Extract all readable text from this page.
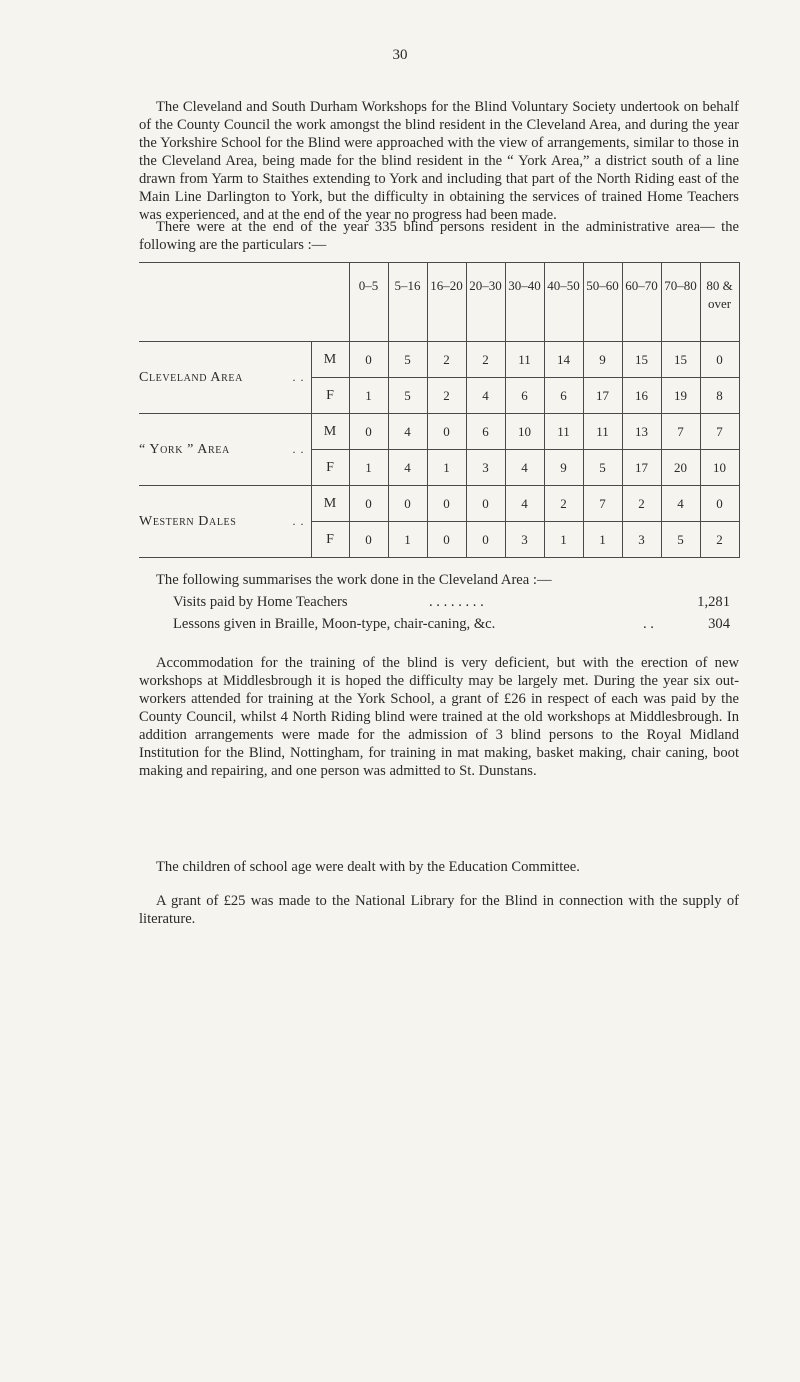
30

The Cleveland and South Durham Workshops for the Blind Voluntary Society undertook on behalf of the County Council the work amongst the blind resident in the Cleveland Area, and during the year the Yorkshire School for the Blind were approached with the view of arrangements, similar to those in the Cleveland Area, being made for the blind resident in the “ York Area,” a district south of a line drawn from Yarm to Staithes extending to York and including that part of the North Riding east of the Main Line Darlington to York, but the difficulty in obtaining the services of trained Home Teachers was experienced, and at the end of the year no progress had been made.

There were at the end of the year 335 blind persons resident in the administrative area— the following are the particulars :—

		0–5	5–16	16–20	20–30	30–40	40–50	50–60	60–70	70–80	80 & over
Cleveland Area . .	M	0	5	2	2	11	14	9	15	15	0
	F	1	5	2	4	6	6	17	16	19	8
“ York ” Area . .	M	0	4	0	6	10	11	11	13	7	7
	F	1	4	1	3	4	9	5	17	20	10
Western Dales . .	M	0	0	0	0	4	2	7	2	4	0
	F	0	1	0	0	3	1	1	3	5	2
The following summarises the work done in the Cleveland Area :—
Visits paid by Home Teachers	. . . . . . . .	1,281
Lessons given in Braille, Moon-type, chair-caning, &c.	. .	304

Accommodation for the training of the blind is very deficient, but with the erection of new workshops at Middlesbrough it is hoped the difficulty may be largely met. During the year six out-workers attended for training at the York School, a grant of £26 in respect of each was paid by the County Council, whilst 4 North Riding blind were trained at the old workshops at Middlesbrough. In addition arrangements were made for the admission of 3 blind persons to the Royal Midland Institution for the Blind, Nottingham, for training in mat making, basket making, chair caning, boot making and repairing, and one person was admitted to St. Dunstans.

The children of school age were dealt with by the Education Committee.

A grant of £25 was made to the National Library for the Blind in connection with the supply of literature.
